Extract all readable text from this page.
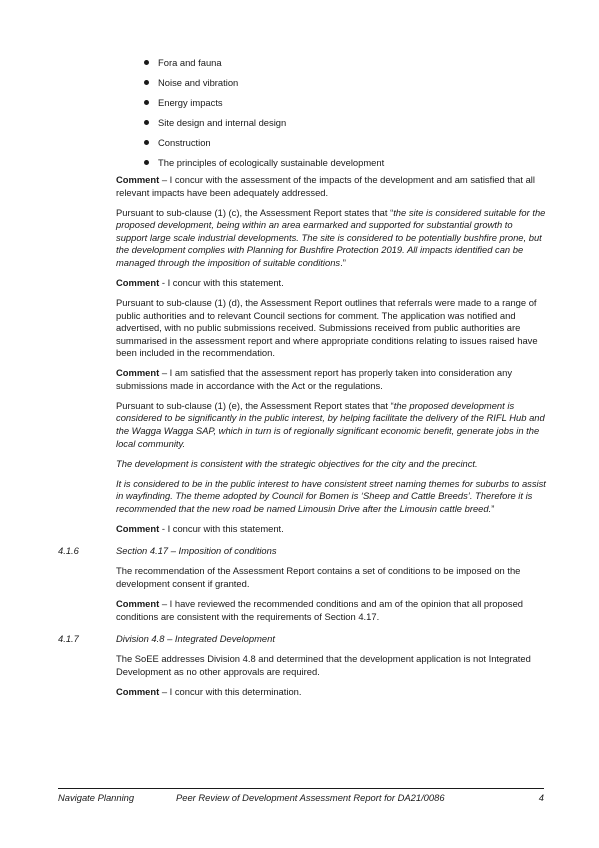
Fora and fauna
Noise and vibration
Energy impacts
Site design and internal design
Construction
The principles of ecologically sustainable development

Comment – I concur with the assessment of the impacts of the development and am satisfied that all relevant impacts have been adequately addressed.

Pursuant to sub-clause (1) (c), the Assessment Report states that “the site is considered suitable for the proposed development, being within an area earmarked and supported for substantial growth to support large scale industrial developments. The site is considered to be potentially bushfire prone, but the development complies with Planning for Bushfire Protection 2019. All impacts identified can be managed through the imposition of suitable conditions.”

Comment - I concur with this statement.

Pursuant to sub-clause (1) (d), the Assessment Report outlines that referrals were made to a range of public authorities and to relevant Council sections for comment. The application was notified and advertised, with no public submissions received. Submissions received from public authorities are summarised in the assessment report and where appropriate conditions relating to issues raised have been included in the recommendation.

Comment – I am satisfied that the assessment report has properly taken into consideration any submissions made in accordance with the Act or the regulations.

Pursuant to sub-clause (1) (e), the Assessment Report states that “the proposed development is considered to be significantly in the public interest, by helping facilitate the delivery of the RIFL Hub and the Wagga Wagga SAP, which in turn is of regionally significant economic benefit, generate jobs in the local community.

The development is consistent with the strategic objectives for the city and the precinct.

It is considered to be in the public interest to have consistent street naming themes for suburbs to assist in wayfinding. The theme adopted by Council for Bomen is ‘Sheep and Cattle Breeds’. Therefore it is recommended that the new road be named Limousin Drive after the Limousin cattle breed.”

Comment - I concur with this statement.

4.1.6	Section 4.17 – Imposition of conditions

The recommendation of the Assessment Report contains a set of conditions to be imposed on the development consent if granted.

Comment – I have reviewed the recommended conditions and am of the opinion that all proposed conditions are consistent with the requirements of Section 4.17.

4.1.7	Division 4.8 – Integrated Development

The SoEE addresses Division 4.8 and determined that the development application is not Integrated Development as no other approvals are required.

Comment – I concur with this determination.

Navigate Planning	Peer Review of Development Assessment Report for DA21/0086	4
